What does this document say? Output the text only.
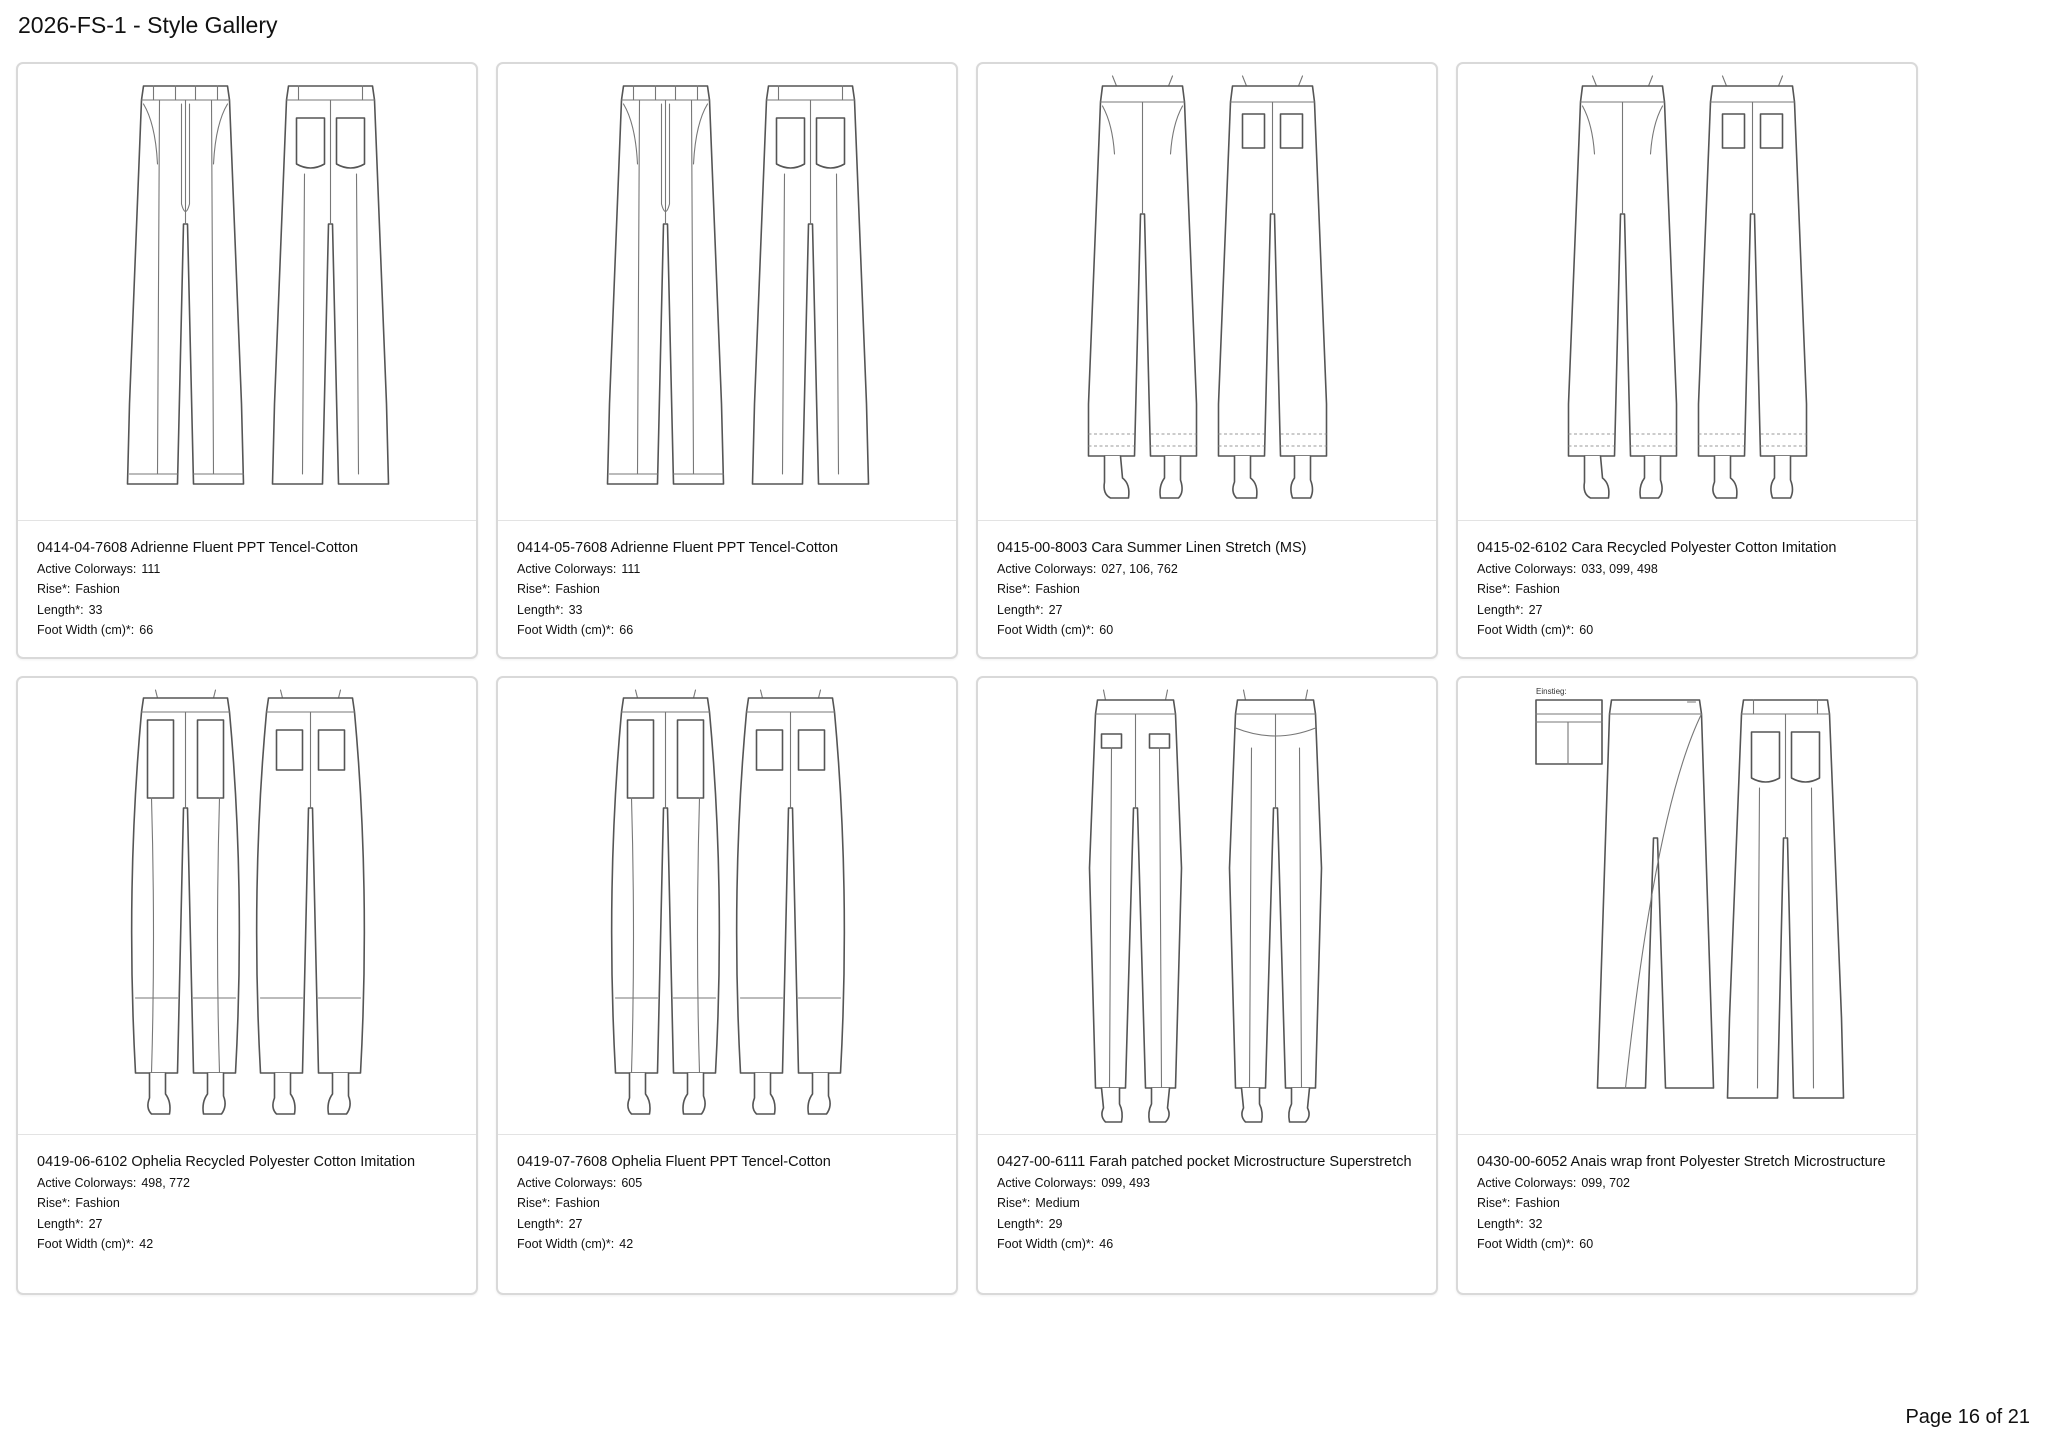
2026-FS-1 - Style Gallery
0414-04-7608 Adrienne Fluent PPT Tencel-Cotton
Active Colorways: 111
Rise*: Fashion
Length*: 33
Foot Width (cm)*: 66
0414-05-7608 Adrienne Fluent PPT Tencel-Cotton
Active Colorways: 111
Rise*: Fashion
Length*: 33
Foot Width (cm)*: 66
0415-00-8003 Cara Summer Linen Stretch (MS)
Active Colorways: 027, 106, 762
Rise*: Fashion
Length*: 27
Foot Width (cm)*: 60
0415-02-6102 Cara Recycled Polyester Cotton Imitation
Active Colorways: 033, 099, 498
Rise*: Fashion
Length*: 27
Foot Width (cm)*: 60
0419-06-6102 Ophelia Recycled Polyester Cotton Imitation
Active Colorways: 498, 772
Rise*: Fashion
Length*: 27
Foot Width (cm)*: 42
0419-07-7608 Ophelia Fluent PPT Tencel-Cotton
Active Colorways: 605
Rise*: Fashion
Length*: 27
Foot Width (cm)*: 42
0427-00-6111 Farah patched pocket Microstructure Superstretch
Active Colorways: 099, 493
Rise*: Medium
Length*: 29
Foot Width (cm)*: 46
Einstieg:
0430-00-6052 Anais wrap front Polyester Stretch Microstructure
Active Colorways: 099, 702
Rise*: Fashion
Length*: 32
Foot Width (cm)*: 60
Page 16 of 21
